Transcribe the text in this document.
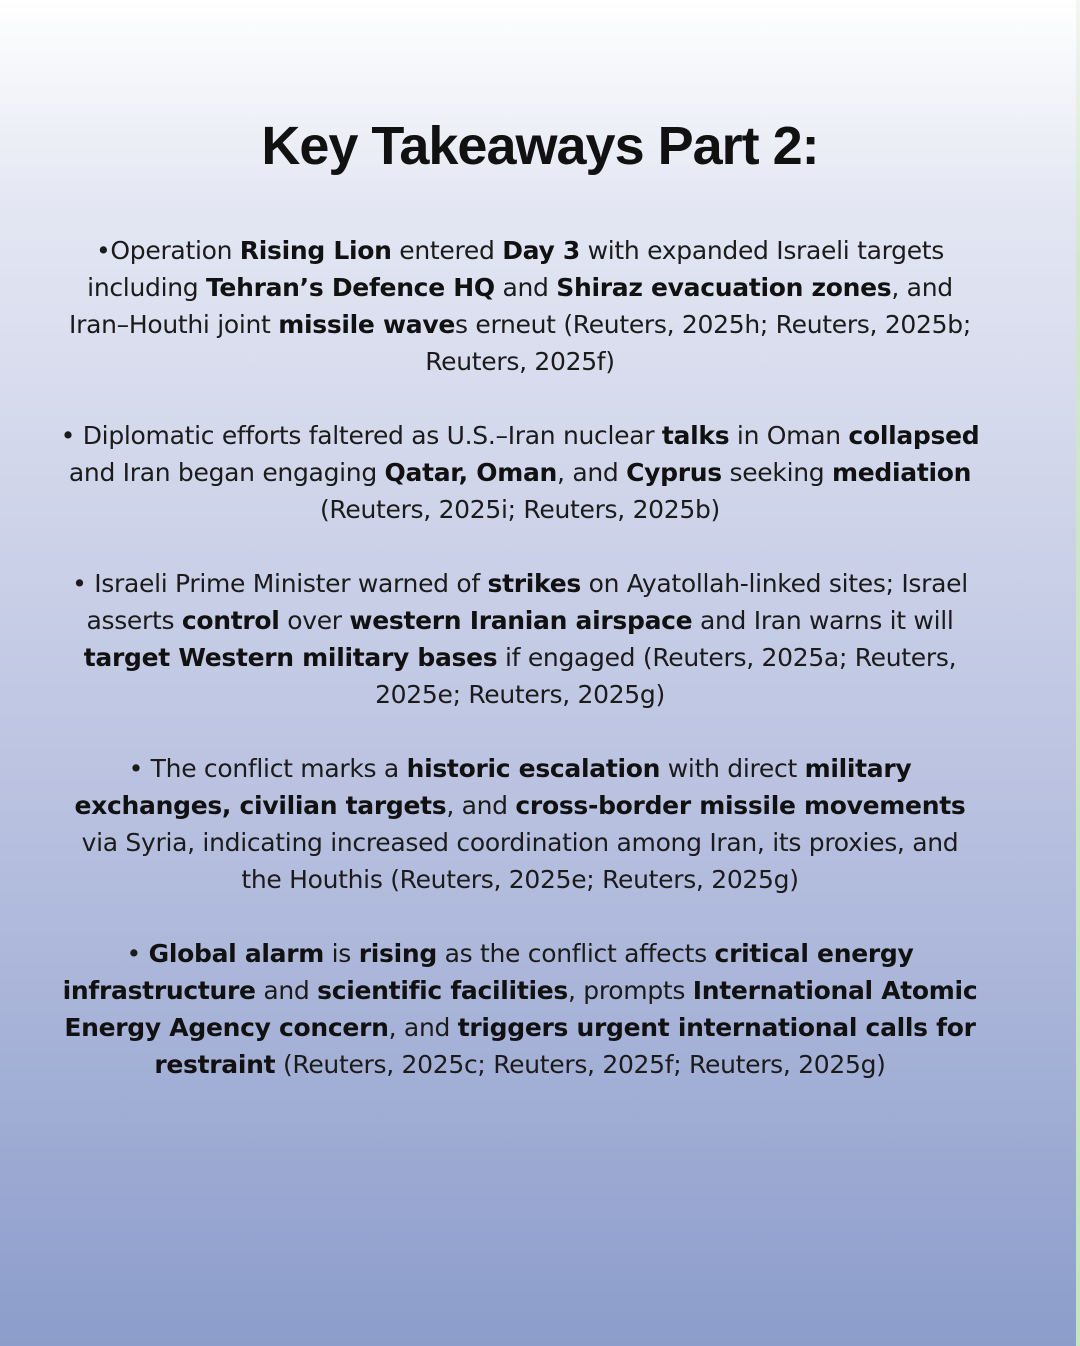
Key Takeaways Part 2:

•Operation Rising Lion entered Day 3 with expanded Israeli targets including Tehran’s Defence HQ and Shiraz evacuation zones, and Iran–Houthi joint missile waves erneut (Reuters, 2025h; Reuters, 2025b; Reuters, 2025f)

• Diplomatic efforts faltered as U.S.–Iran nuclear talks in Oman collapsed and Iran began engaging Qatar, Oman, and Cyprus seeking mediation (Reuters, 2025i; Reuters, 2025b)

• Israeli Prime Minister warned of strikes on Ayatollah-linked sites; Israel asserts control over western Iranian airspace and Iran warns it will target Western military bases if engaged (Reuters, 2025a; Reuters, 2025e; Reuters, 2025g)

• The conflict marks a historic escalation with direct military exchanges, civilian targets, and cross-border missile movements via Syria, indicating increased coordination among Iran, its proxies, and the Houthis (Reuters, 2025e; Reuters, 2025g)

• Global alarm is rising as the conflict affects critical energy infrastructure and scientific facilities, prompts International Atomic Energy Agency concern, and triggers urgent international calls for restraint (Reuters, 2025c; Reuters, 2025f; Reuters, 2025g)
